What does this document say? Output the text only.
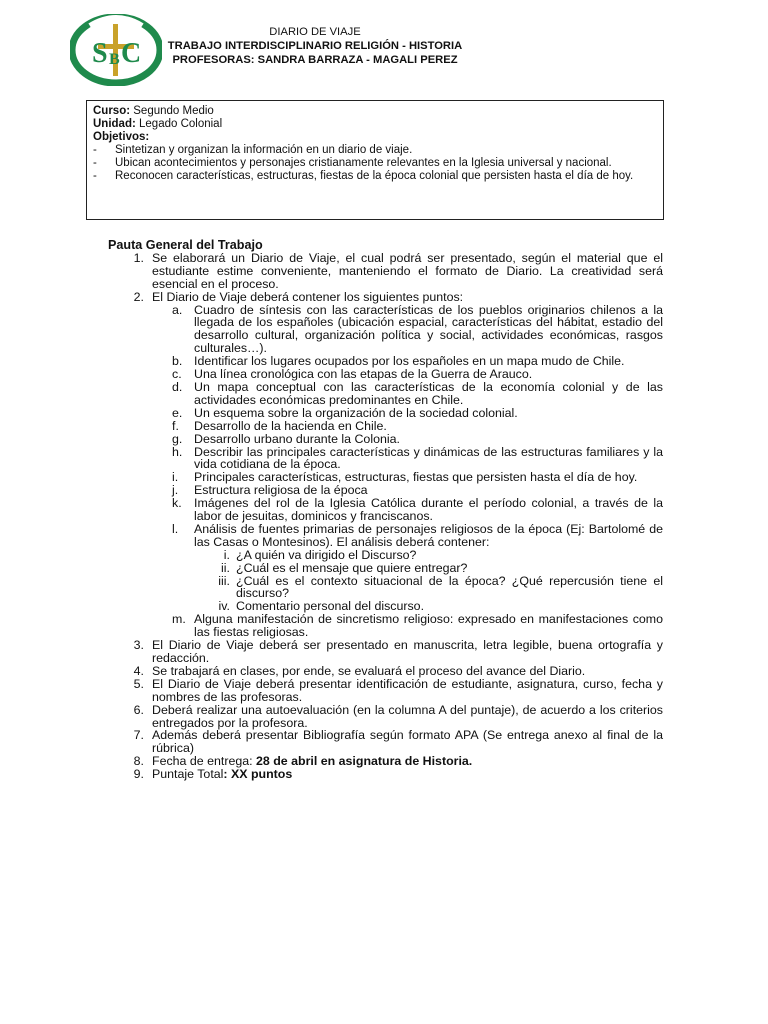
S C
B
DIARIO DE VIAJE
TRABAJO INTERDISCIPLINARIO RELIGIÓN - HISTORIA
PROFESORAS: SANDRA BARRAZA - MAGALI PEREZ

Curso: Segundo Medio

Unidad: Legado Colonial

Objetivos:

-	Sintetizan y organizan la información en un diario de viaje.
-	Ubican acontecimientos y personajes cristianamente relevantes en la Iglesia universal y nacional.
-	Reconocen características, estructuras, fiestas de la época colonial que persisten hasta el día de hoy.
Pauta General del Trabajo
1. Se elaborará un Diario de Viaje, el cual podrá ser presentado, según el material que el estudiante estime conveniente, manteniendo el formato de Diario. La creatividad será esencial en el proceso.
2. El Diario de Viaje deberá contener los siguientes puntos:
a. Cuadro de síntesis con las características de los pueblos originarios chilenos a la llegada de los españoles (ubicación espacial, características del hábitat, estadio del desarrollo cultural, organización política y social, actividades económicas, rasgos culturales…).
b. Identificar los lugares ocupados por los españoles en un mapa mudo de Chile.
c. Una línea cronológica con las etapas de la Guerra de Arauco.
d. Un mapa conceptual con las características de la economía colonial y de las actividades económicas predominantes en Chile.
e. Un esquema sobre la organización de la sociedad colonial.
f.	Desarrollo de la hacienda en Chile.
g. Desarrollo urbano durante la Colonia.
h. Describir las principales características y dinámicas de las estructuras familiares y la vida cotidiana de la época.
i.	Principales características, estructuras, fiestas que persisten hasta el día de hoy.
j.	Estructura religiosa de la época
k. Imágenes del rol de la Iglesia Católica durante el período colonial, a través de la labor de jesuitas, dominicos y franciscanos.
l.	Análisis de fuentes primarias de personajes religiosos de la época (Ej: Bartolomé de las Casas o Montesinos). El análisis deberá contener:
i. ¿A quién va dirigido el Discurso?
ii. ¿Cuál es el mensaje que quiere entregar?
iii. ¿Cuál es el contexto situacional de la época? ¿Qué repercusión tiene el discurso?
iv. Comentario personal del discurso.
m. Alguna manifestación de sincretismo religioso: expresado en manifestaciones como las fiestas religiosas.
3. El Diario de Viaje deberá ser presentado en manuscrita, letra legible, buena ortografía y redacción.
4. Se trabajará en clases, por ende, se evaluará el proceso del avance del Diario.
5. El Diario de Viaje deberá presentar identificación de estudiante, asignatura, curso, fecha y nombres de las profesoras.
6. Deberá realizar una autoevaluación (en la columna A del puntaje), de acuerdo a los criterios entregados por la profesora.
7. Además deberá presentar Bibliografía según formato APA (Se entrega anexo al final de la rúbrica)
8. Fecha de entrega: 28 de abril en asignatura de Historia.
9. Puntaje Total: XX puntos
